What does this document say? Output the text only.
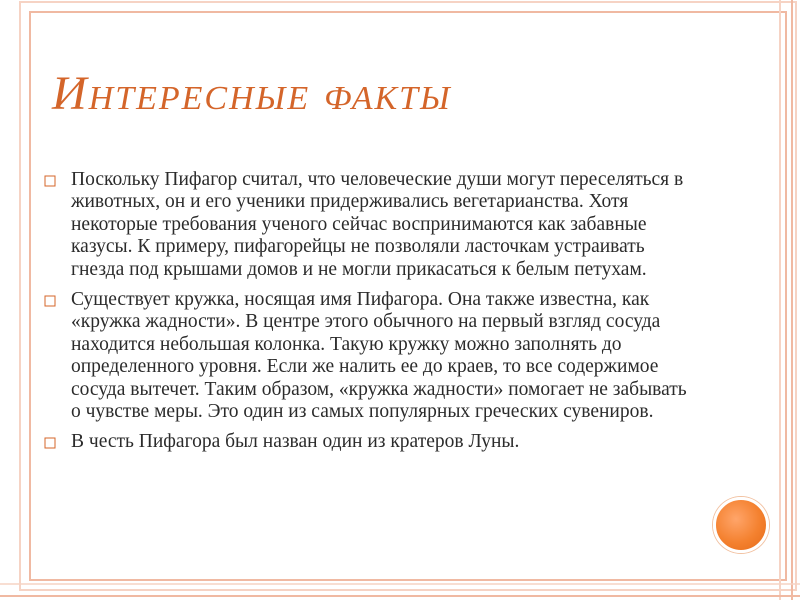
Интересные факты
Поскольку Пифагор считал, что человеческие души могут переселяться в животных, он и его ученики придерживались вегетарианства. Хотя некоторые требования ученого сейчас воспринимаются как забавные казусы. К примеру, пифагорейцы не позволяли ласточкам устраивать гнезда под крышами домов и не могли прикасаться к белым петухам.
Существует кружка, носящая имя Пифагора. Она также известна, как «кружка жадности». В центре этого обычного на первый взгляд сосуда находится небольшая колонка. Такую кружку можно заполнять до определенного уровня. Если же налить ее до краев, то все содержимое сосуда вытечет. Таким образом, «кружка жадности» помогает не забывать о чувстве меры. Это один из самых популярных греческих сувениров.
В честь Пифагора был назван один из кратеров Луны.
